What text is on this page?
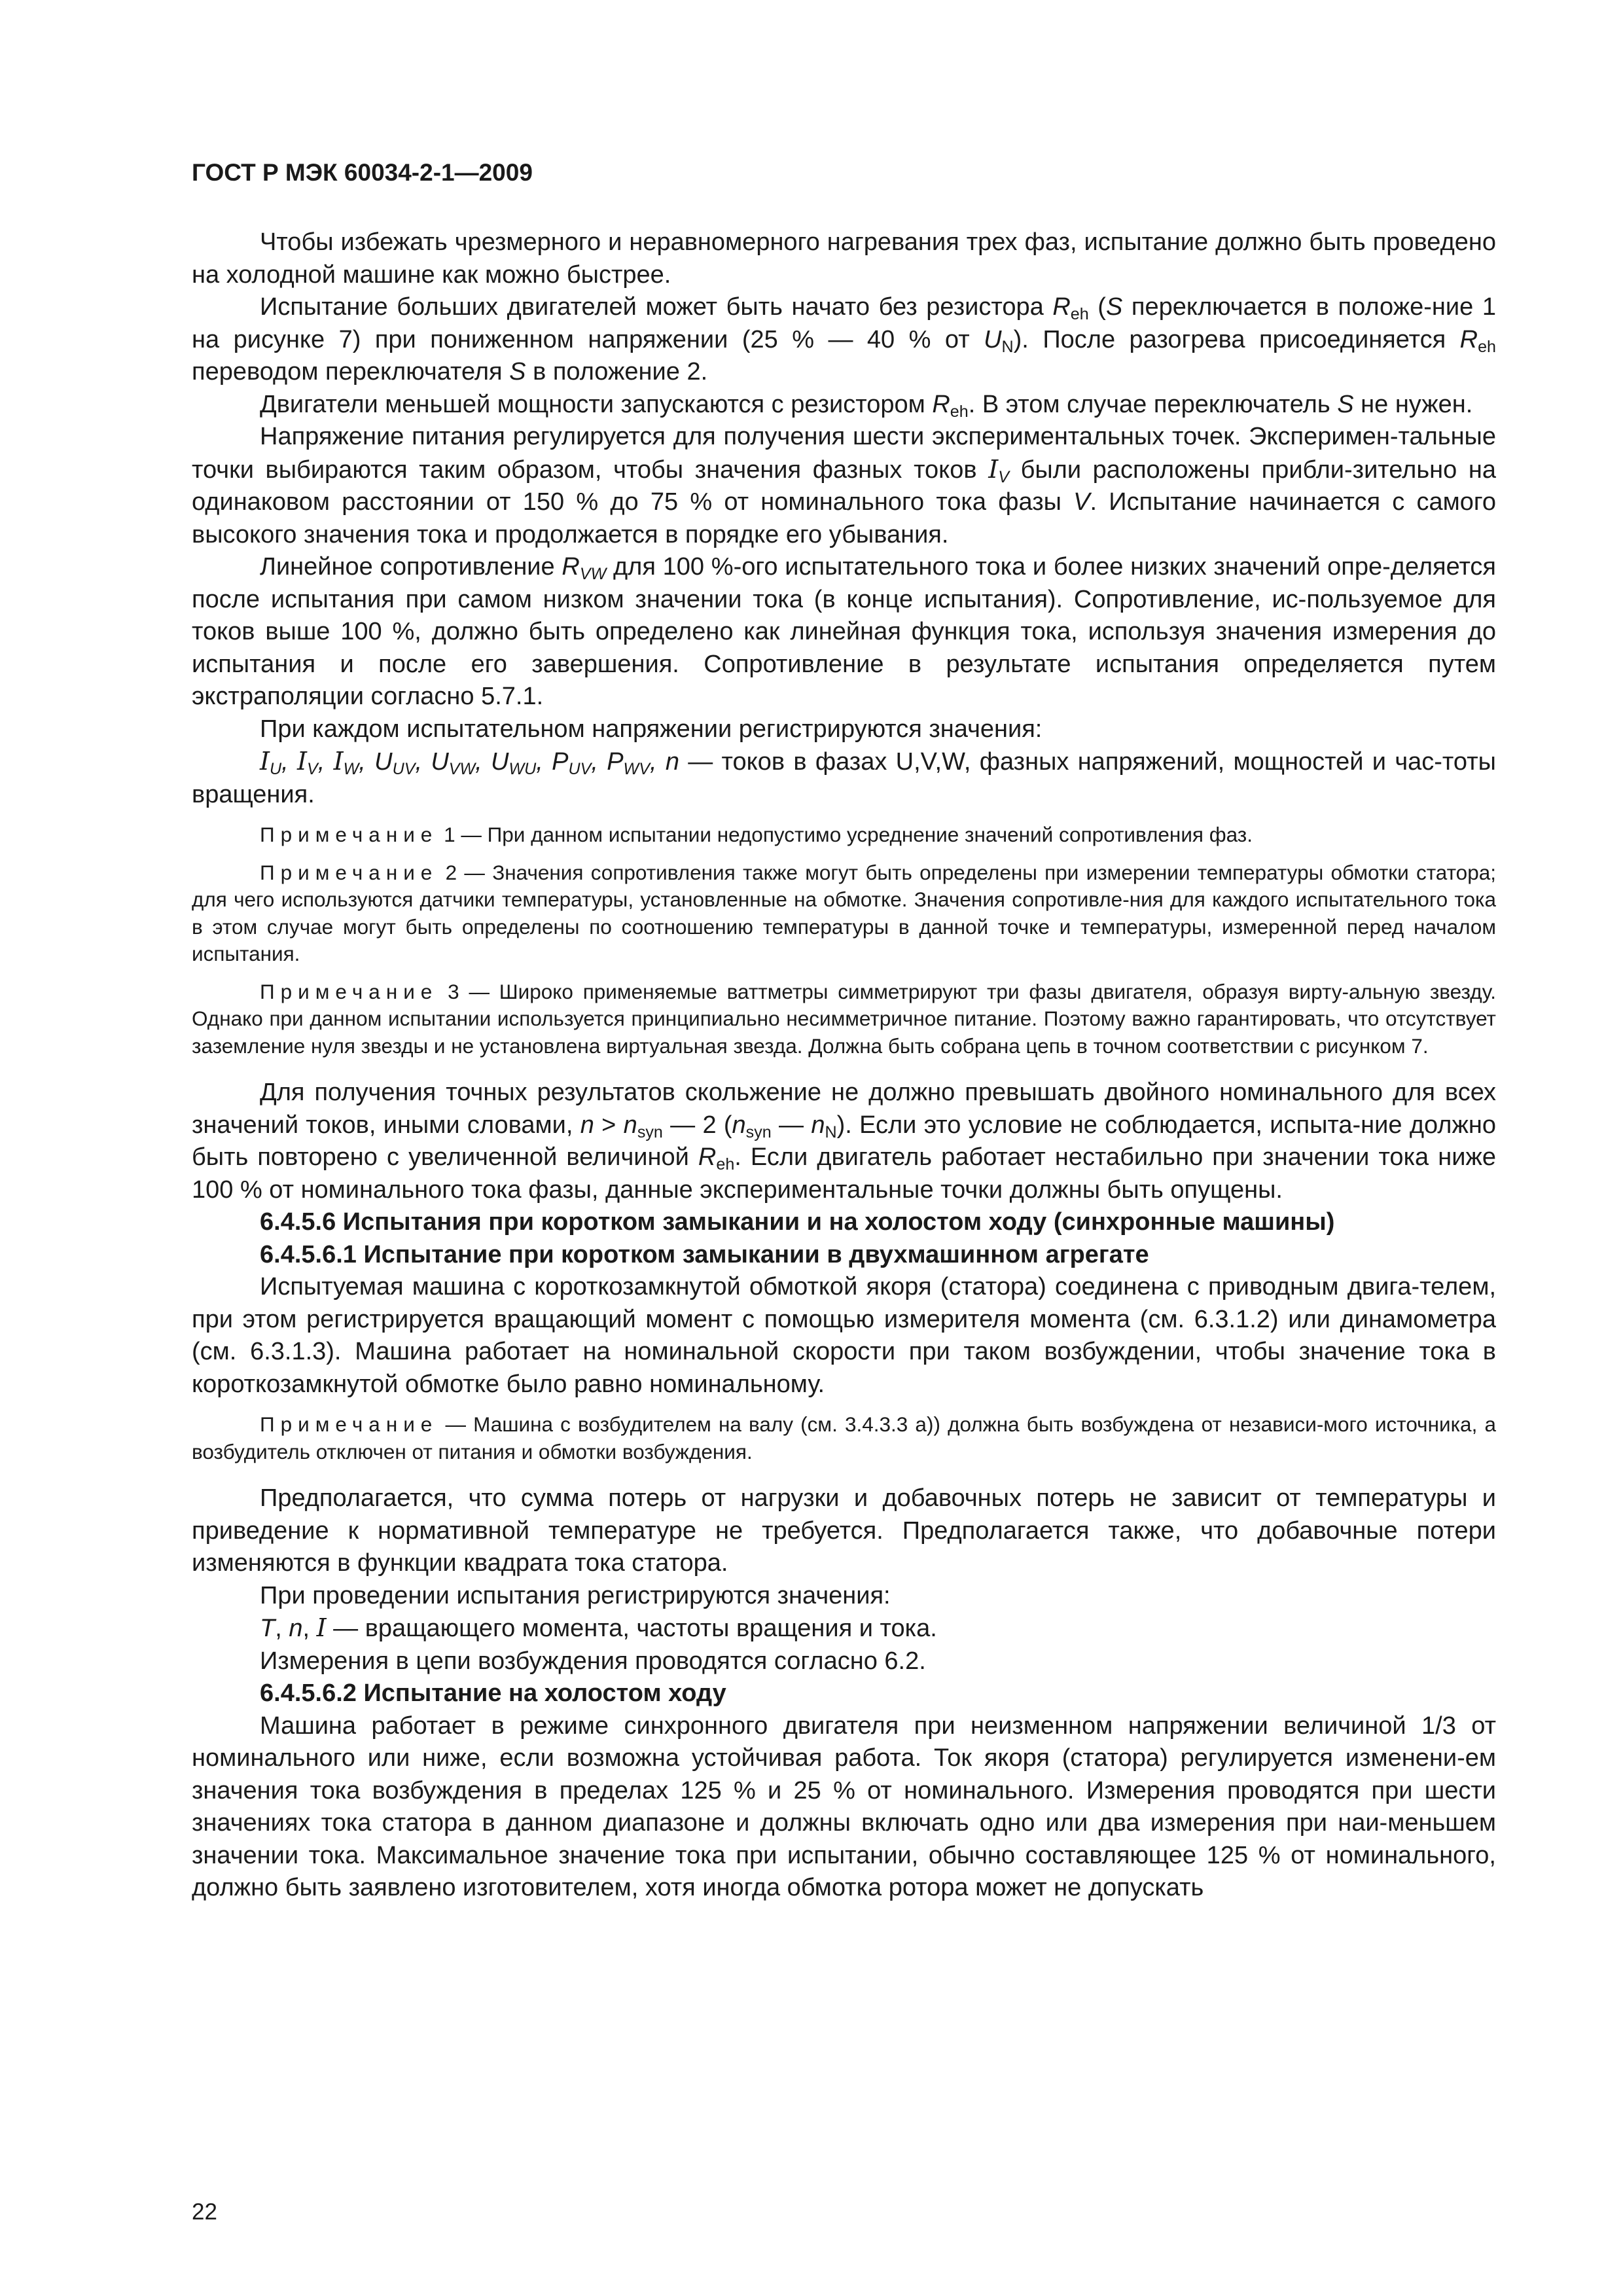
ГОСТ Р МЭК 60034-2-1—2009

Чтобы избежать чрезмерного и неравномерного нагревания трех фаз, испытание должно быть проведено на холодной машине как можно быстрее.

Испытание больших двигателей может быть начато без резистора $R_{eh}$ (S переключается в положе-ние 1 на рисунке 7) при пониженном напряжении (25 % — 40 % от $U_N$). После разогрева присоединяется $R_{eh}$ переводом переключателя S в положение 2.

Двигатели меньшей мощности запускаются с резистором $R_{eh}$. В этом случае переключатель S не нужен.

Напряжение питания регулируется для получения шести экспериментальных точек. Эксперимен-тальные точки выбираются таким образом, чтобы значения фазных токов $I_V$ были расположены прибли-зительно на одинаковом расстоянии от 150 % до 75 % от номинального тока фазы V. Испытание начинается с самого высокого значения тока и продолжается в порядке его убывания.

Линейное сопротивление $R_{VW}$ для 100 %-ого испытательного тока и более низких значений опре-деляется после испытания при самом низком значении тока (в конце испытания). Сопротивление, ис-пользуемое для токов выше 100 %, должно быть определено как линейная функция тока, используя значения измерения до испытания и после его завершения. Сопротивление в результате испытания определяется путем экстраполяции согласно 5.7.1.

При каждом испытательном напряжении регистрируются значения:

$I_U$, $I_V$, $I_W$, $U_{UV}$, $U_{VW}$, $U_{WU}$, $P_{UV}$, $P_{WV}$, n — токов в фазах U,V,W, фазных напряжений, мощностей и час-тоты вращения.

Примечание 1 — При данном испытании недопустимо усреднение значений сопротивления фаз.
Примечание 2 — Значения сопротивления также могут быть определены при измерении температуры обмотки статора; для чего используются датчики температуры, установленные на обмотке. Значения сопротивле-ния для каждого испытательного тока в этом случае могут быть определены по соотношению температуры в данной точке и температуры, измеренной перед началом испытания.
Примечание 3 — Широко применяемые ваттметры симметрируют три фазы двигателя, образуя вирту-альную звезду. Однако при данном испытании используется принципиально несимметричное питание. Поэтому важно гарантировать, что отсутствует заземление нуля звезды и не установлена виртуальная звезда. Должна быть собрана цепь в точном соответствии с рисунком 7.

Для получения точных результатов скольжение не должно превышать двойного номинального для всех значений токов, иными словами, $n > n_{syn}$ — 2 ($n_{syn}$ — $n_N$). Если это условие не соблюдается, испыта-ние должно быть повторено с увеличенной величиной $R_{eh}$. Если двигатель работает нестабильно при значении тока ниже 100 % от номинального тока фазы, данные экспериментальные точки должны быть опущены.

6.4.5.6 Испытания при коротком замыкании и на холостом ходу (синхронные машины)

6.4.5.6.1 Испытание при коротком замыкании в двухмашинном агрегате

Испытуемая машина с короткозамкнутой обмоткой якоря (статора) соединена с приводным двига-телем, при этом регистрируется вращающий момент с помощью измерителя момента (см. 6.3.1.2) или динамометра (см. 6.3.1.3). Машина работает на номинальной скорости при таком возбуждении, чтобы значение тока в короткозамкнутой обмотке было равно номинальному.

Примечание — Машина с возбудителем на валу (см. 3.4.3.3 а)) должна быть возбуждена от независи-мого источника, а возбудитель отключен от питания и обмотки возбуждения.

Предполагается, что сумма потерь от нагрузки и добавочных потерь не зависит от температуры и приведение к нормативной температуре не требуется. Предполагается также, что добавочные потери изменяются в функции квадрата тока статора.

При проведении испытания регистрируются значения:

T, n, I — вращающего момента, частоты вращения и тока.

Измерения в цепи возбуждения проводятся согласно 6.2.

6.4.5.6.2 Испытание на холостом ходу

Машина работает в режиме синхронного двигателя при неизменном напряжении величиной 1/3 от номинального или ниже, если возможна устойчивая работа. Ток якоря (статора) регулируется изменени-ем значения тока возбуждения в пределах 125 % и 25 % от номинального. Измерения проводятся при шести значениях тока статора в данном диапазоне и должны включать одно или два измерения при наи-меньшем значении тока. Максимальное значение тока при испытании, обычно составляющее 125 % от номинального, должно быть заявлено изготовителем, хотя иногда обмотка ротора может не допускать

22
